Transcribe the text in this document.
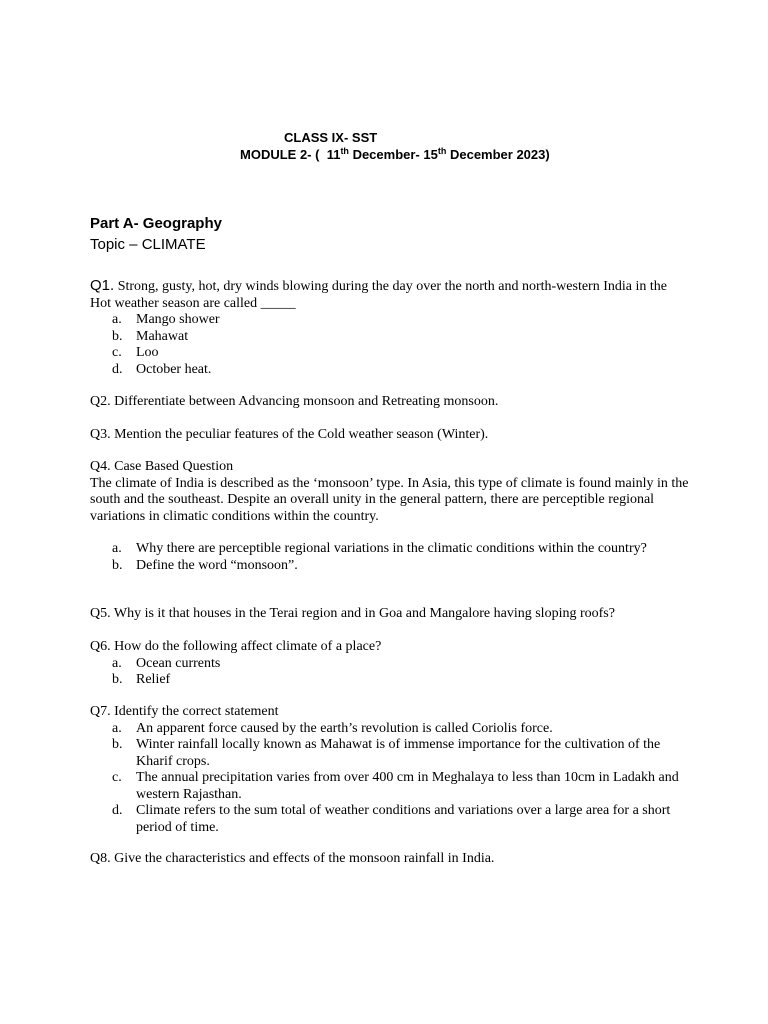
CLASS IX- SST
MODULE 2- ( 11th December- 15th December 2023)
Part A- Geography
Topic – CLIMATE
Q1. Strong, gusty, hot, dry winds blowing during the day over the north and north-western India in the Hot weather season are called _____
a. Mango shower
b. Mahawat
c. Loo
d. October heat.
Q2. Differentiate between Advancing monsoon and Retreating monsoon.
Q3. Mention the peculiar features of the Cold weather season (Winter).
Q4. Case Based Question
The climate of India is described as the ‘monsoon’ type. In Asia, this type of climate is found mainly in the south and the southeast. Despite an overall unity in the general pattern, there are perceptible regional variations in climatic conditions within the country.
a. Why there are perceptible regional variations in the climatic conditions within the country?
b. Define the word “monsoon”.
Q5. Why is it that houses in the Terai region and in Goa and Mangalore having sloping roofs?
Q6. How do the following affect climate of a place?
a. Ocean currents
b. Relief
Q7. Identify the correct statement
a. An apparent force caused by the earth’s revolution is called Coriolis force.
b. Winter rainfall locally known as Mahawat is of immense importance for the cultivation of the Kharif crops.
c. The annual precipitation varies from over 400 cm in Meghalaya to less than 10cm in Ladakh and western Rajasthan.
d. Climate refers to the sum total of weather conditions and variations over a large area for a short period of time.
Q8. Give the characteristics and effects of the monsoon rainfall in India.
